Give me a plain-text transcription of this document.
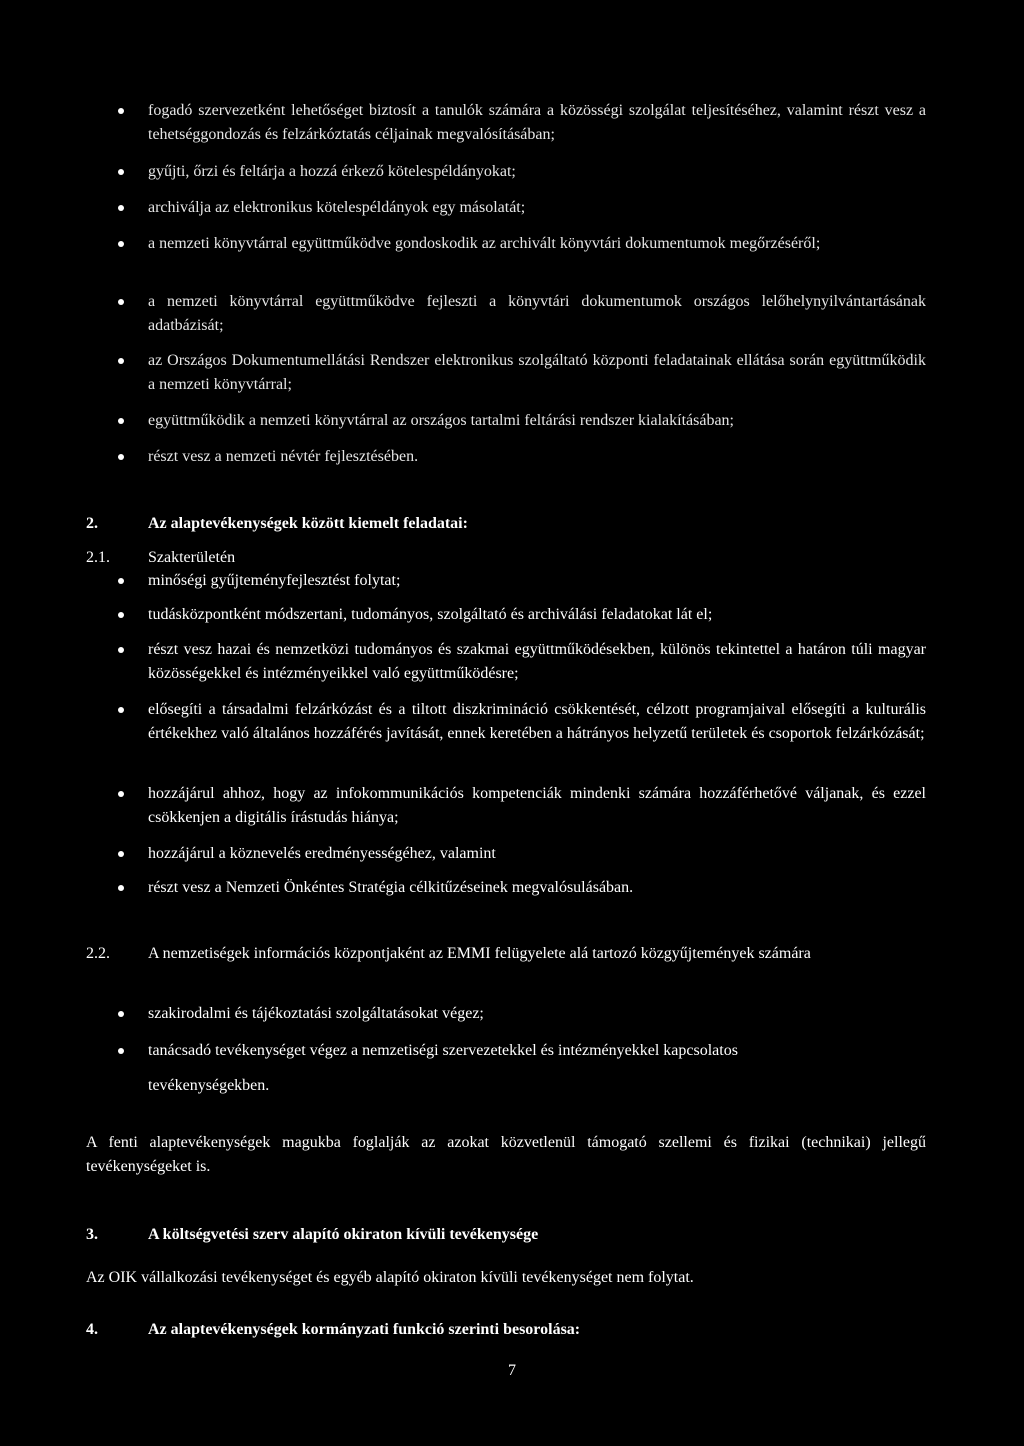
fogadó szervezetként lehetőséget biztosít a tanulók számára a közösségi szolgálat teljesítéséhez, valamint részt vesz a tehetséggondozás és felzárkóztatás céljainak megvalósításában;
gyűjti, őrzi és feltárja a hozzá érkező kötelespéldányokat;
archiválja az elektronikus kötelespéldányok egy másolatát;
a nemzeti könyvtárral együttműködve gondoskodik az archivált könyvtári dokumentumok megőrzéséről;
a nemzeti könyvtárral együttműködve fejleszti a könyvtári dokumentumok országos lelőhelynyilvántartásának adatbázisát;
az Országos Dokumentumellátási Rendszer elektronikus szolgáltató központi feladatainak ellátása során együttműködik a nemzeti könyvtárral;
együttműködik a nemzeti könyvtárral az országos tartalmi feltárási rendszer kialakításában;
részt vesz a nemzeti névtér fejlesztésében.
2.	Az alaptevékenységek között kiemelt feladatai:
2.1. Szakterületén
minőségi gyűjteményfejlesztést folytat;
tudásközpontként módszertani, tudományos, szolgáltató és archiválási feladatokat lát el;
részt vesz hazai és nemzetközi tudományos és szakmai együttműködésekben, különös tekintettel a határon túli magyar közösségekkel és intézményeikkel való együttműködésre;
elősegíti a társadalmi felzárkózást és a tiltott diszkrimináció csökkentését, célzott programjaival elősegíti a kulturális értékekhez való általános hozzáférés javítását, ennek keretében a hátrányos helyzetű területek és csoportok felzárkózását;
hozzájárul ahhoz, hogy az infokommunikációs kompetenciák mindenki számára hozzáférhetővé váljanak, és ezzel csökkenjen a digitális írástudás hiánya;
hozzájárul a köznevelés eredményességéhez, valamint
részt vesz a Nemzeti Önkéntes Stratégia célkitűzéseinek megvalósulásában.
2.2. A nemzetiségek információs központjaként az EMMI felügyelete alá tartozó közgyűjtemények számára
szakirodalmi és tájékoztatási szolgáltatásokat végez;
tanácsadó tevékenységet végez a nemzetiségi szervezetekkel és intézményekkel kapcsolatos
tevékenységekben.
A fenti alaptevékenységek magukba foglalják az azokat közvetlenül támogató szellemi és fizikai (technikai) jellegű tevékenységeket is.
3.	A költségvetési szerv alapító okiraton kívüli tevékenysége
Az OIK vállalkozási tevékenységet és egyéb alapító okiraton kívüli tevékenységet nem folytat.
4.	Az alaptevékenységek kormányzati funkció szerinti besorolása:
7
